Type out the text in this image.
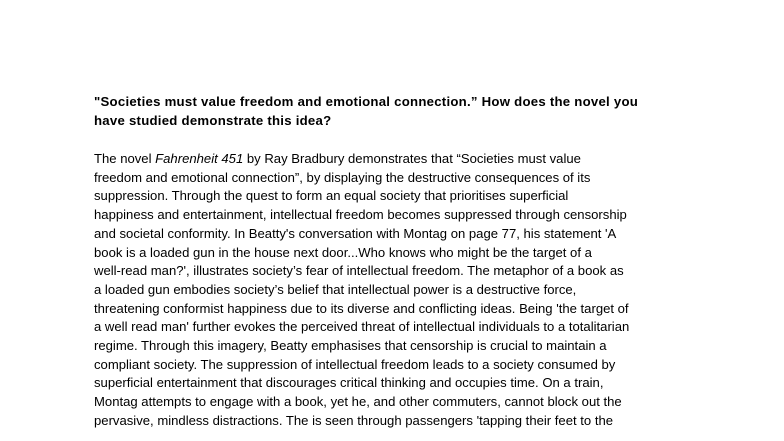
"Societies must value freedom and emotional connection.” How does the novel you
have studied demonstrate this idea?
The novel Fahrenheit 451 by Ray Bradbury demonstrates that “Societies must value
freedom and emotional connection”, by displaying the destructive consequences of its
suppression. Through the quest to form an equal society that prioritises superficial
happiness and entertainment, intellectual freedom becomes suppressed through censorship
and societal conformity. In Beatty's conversation with Montag on page 77, his statement 'A
book is a loaded gun in the house next door...Who knows who might be the target of a
well-read man?', illustrates society’s fear of intellectual freedom. The metaphor of a book as
a loaded gun embodies society’s belief that intellectual power is a destructive force,
threatening conformist happiness due to its diverse and conflicting ideas. Being 'the target of
a well read man' further evokes the perceived threat of intellectual individuals to a totalitarian
regime. Through this imagery, Beatty emphasises that censorship is crucial to maintain a
compliant society. The suppression of intellectual freedom leads to a society consumed by
superficial entertainment that discourages critical thinking and occupies time. On a train,
Montag attempts to engage with a book, yet he, and other commuters, cannot block out the
pervasive, mindless distractions. The is seen through passengers 'tapping their feet to the
